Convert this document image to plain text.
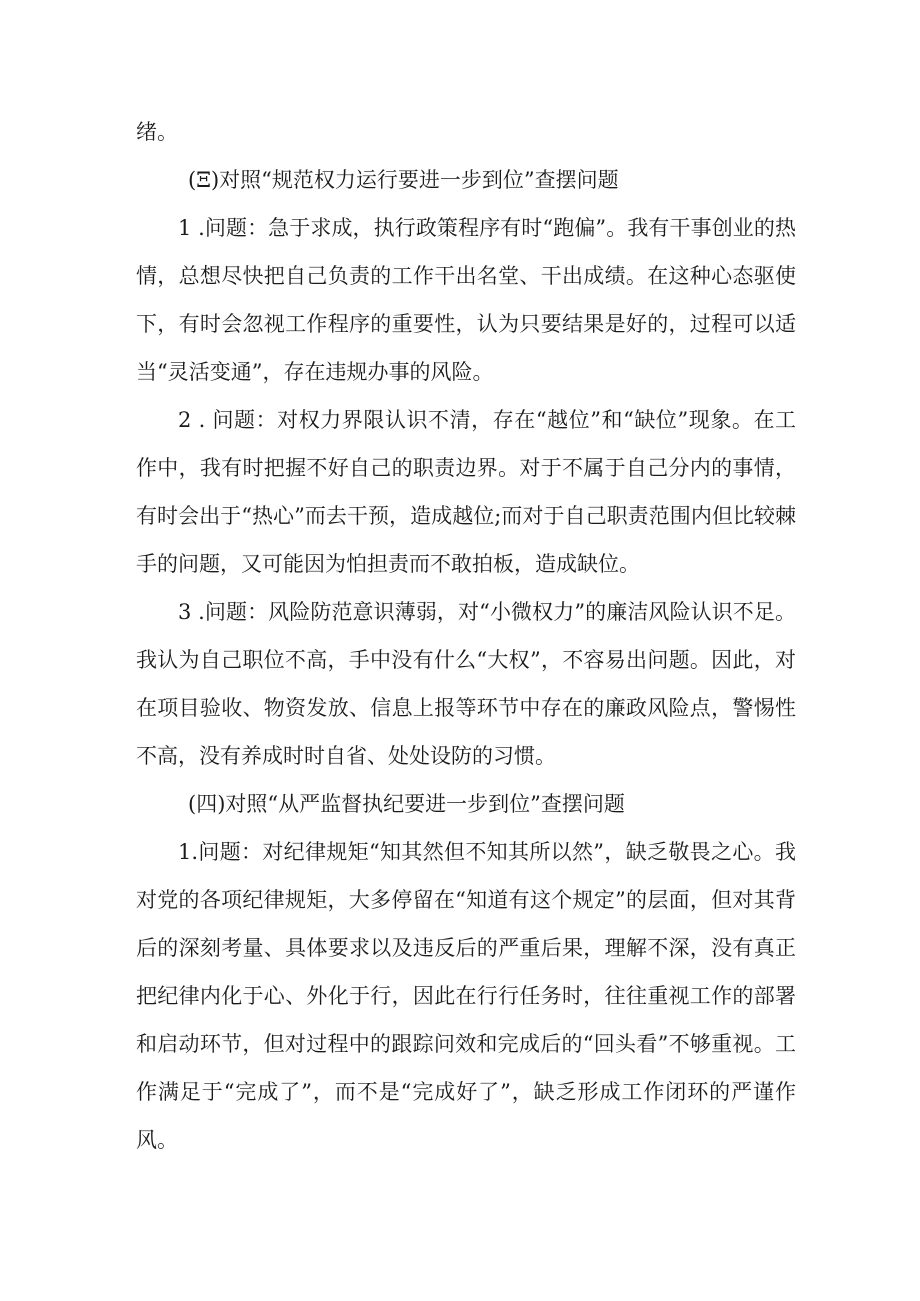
绪。

(Ξ)对照“规范权力运行要进一步到位”查摆问题

1 .问题：急于求成，执行政策程序有时“跑偏”。我有干事创业的热情，总想尽快把自己负责的工作干出名堂、干出成绩。在这种心态驱使下，有时会忽视工作程序的重要性，认为只要结果是好的，过程可以适当“灵活变通”，存在违规办事的风险。

2 . 问题：对权力界限认识不清，存在“越位”和“缺位”现象。在工作中，我有时把握不好自己的职责边界。对于不属于自己分内的事情，有时会出于“热心”而去干预，造成越位;而对于自己职责范围内但比较棘手的问题，又可能因为怕担责而不敢拍板，造成缺位。

3 .问题：风险防范意识薄弱，对“小微权力”的廉洁风险认识不足。我认为自己职位不高，手中没有什么“大权”，不容易出问题。因此，对在项目验收、物资发放、信息上报等环节中存在的廉政风险点，警惕性不高，没有养成时时自省、处处设防的习惯。

(四)对照“从严监督执纪要进一步到位”查摆问题

1.问题：对纪律规矩“知其然但不知其所以然”，缺乏敬畏之心。我对党的各项纪律规矩，大多停留在“知道有这个规定”的层面，但对其背后的深刻考量、具体要求以及违反后的严重后果，理解不深，没有真正把纪律内化于心、外化于行，因此在行行任务时，往往重视工作的部署和启动环节，但对过程中的跟踪问效和完成后的“回头看”不够重视。工作满足于“完成了”，而不是“完成好了”，缺乏形成工作闭环的严谨作风。
